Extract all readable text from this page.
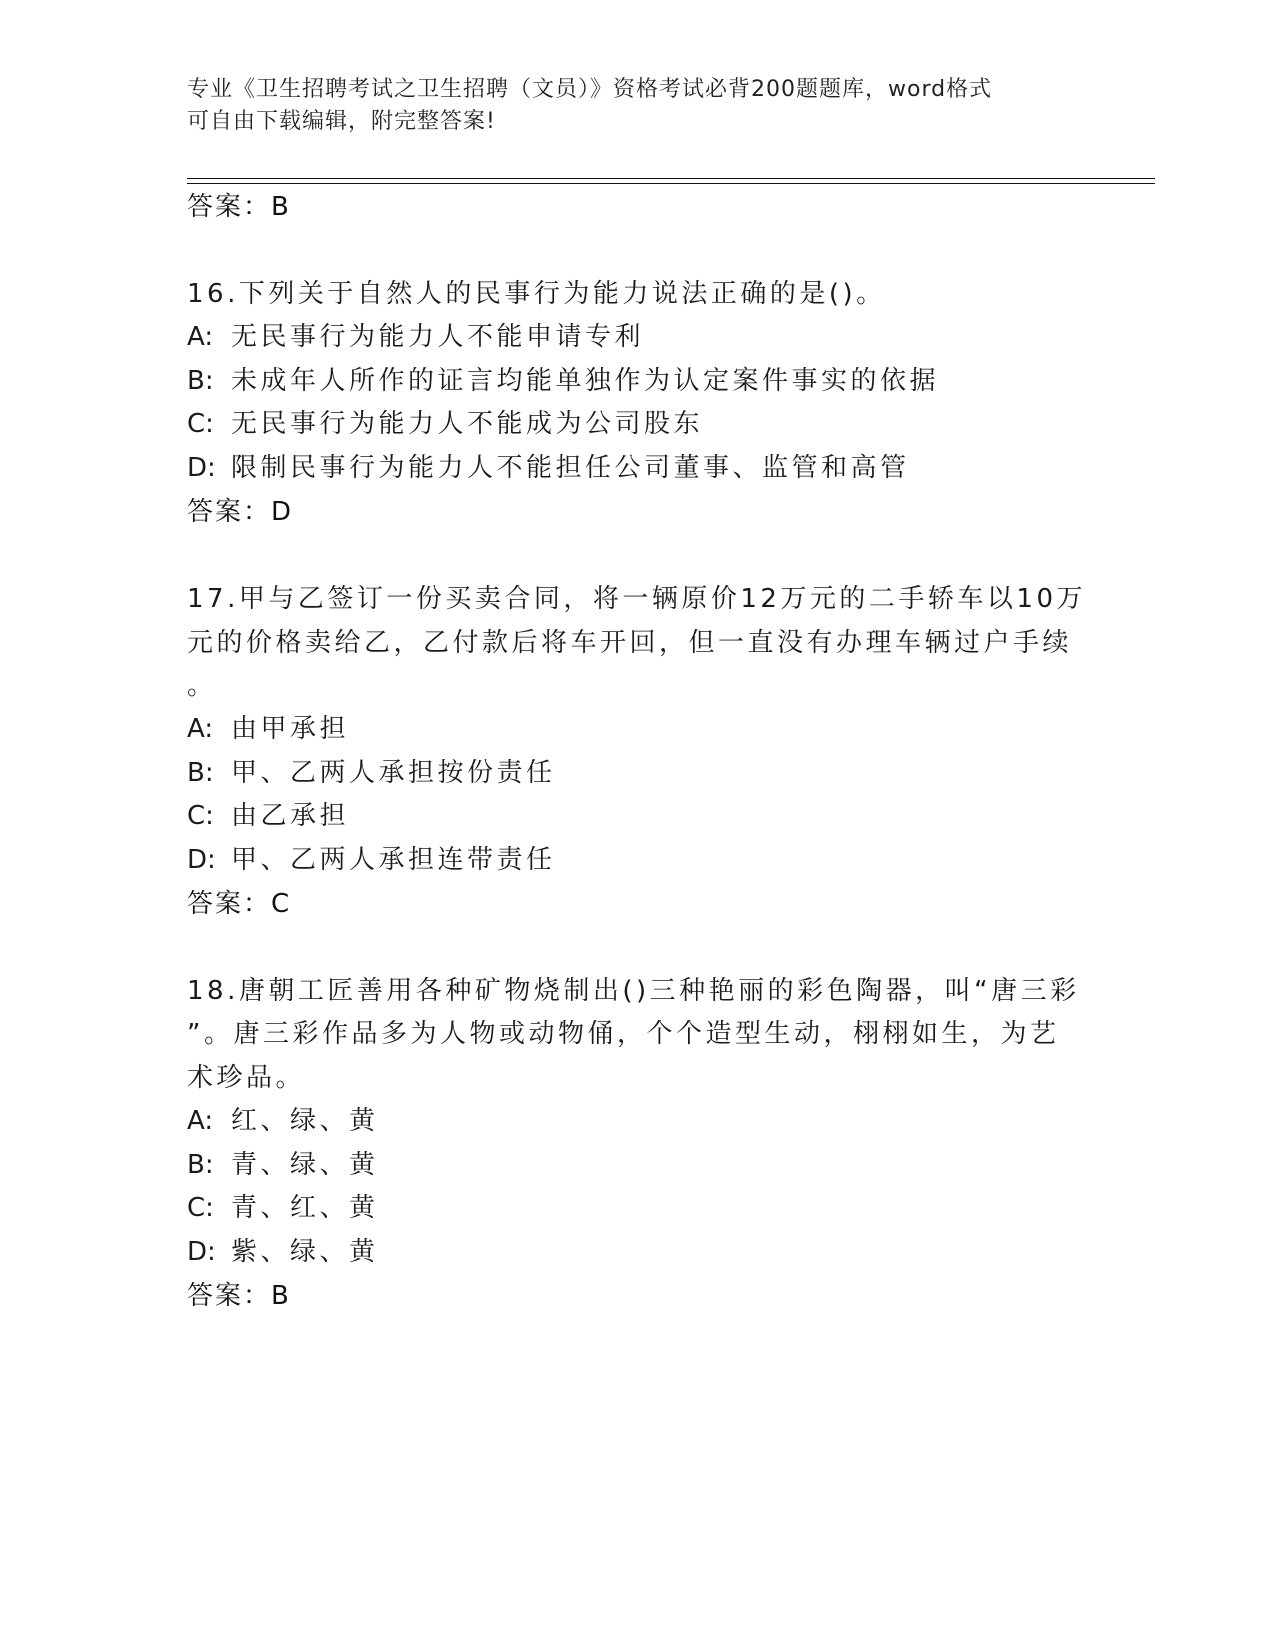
专业《卫生招聘考试之卫生招聘（文员）》资格考试必背200题题库，word格式
可自由下载编辑，附完整答案!
答案：B
16.下列关于自然人的民事行为能力说法正确的是()。
A: 无民事行为能力人不能申请专利
B: 未成年人所作的证言均能单独作为认定案件事实的依据
C: 无民事行为能力人不能成为公司股东
D: 限制民事行为能力人不能担任公司董事、监管和高管
答案：D
17.甲与乙签订一份买卖合同，将一辆原价12万元的二手轿车以10万
元的价格卖给乙，乙付款后将车开回，但一直没有办理车辆过户手续
。
A: 由甲承担
B: 甲、乙两人承担按份责任
C: 由乙承担
D: 甲、乙两人承担连带责任
答案：C
18.唐朝工匠善用各种矿物烧制出()三种艳丽的彩色陶器，叫“唐三彩
”。唐三彩作品多为人物或动物俑，个个造型生动，栩栩如生，为艺
术珍品。
A: 红、绿、黄
B: 青、绿、黄
C: 青、红、黄
D: 紫、绿、黄
答案：B
